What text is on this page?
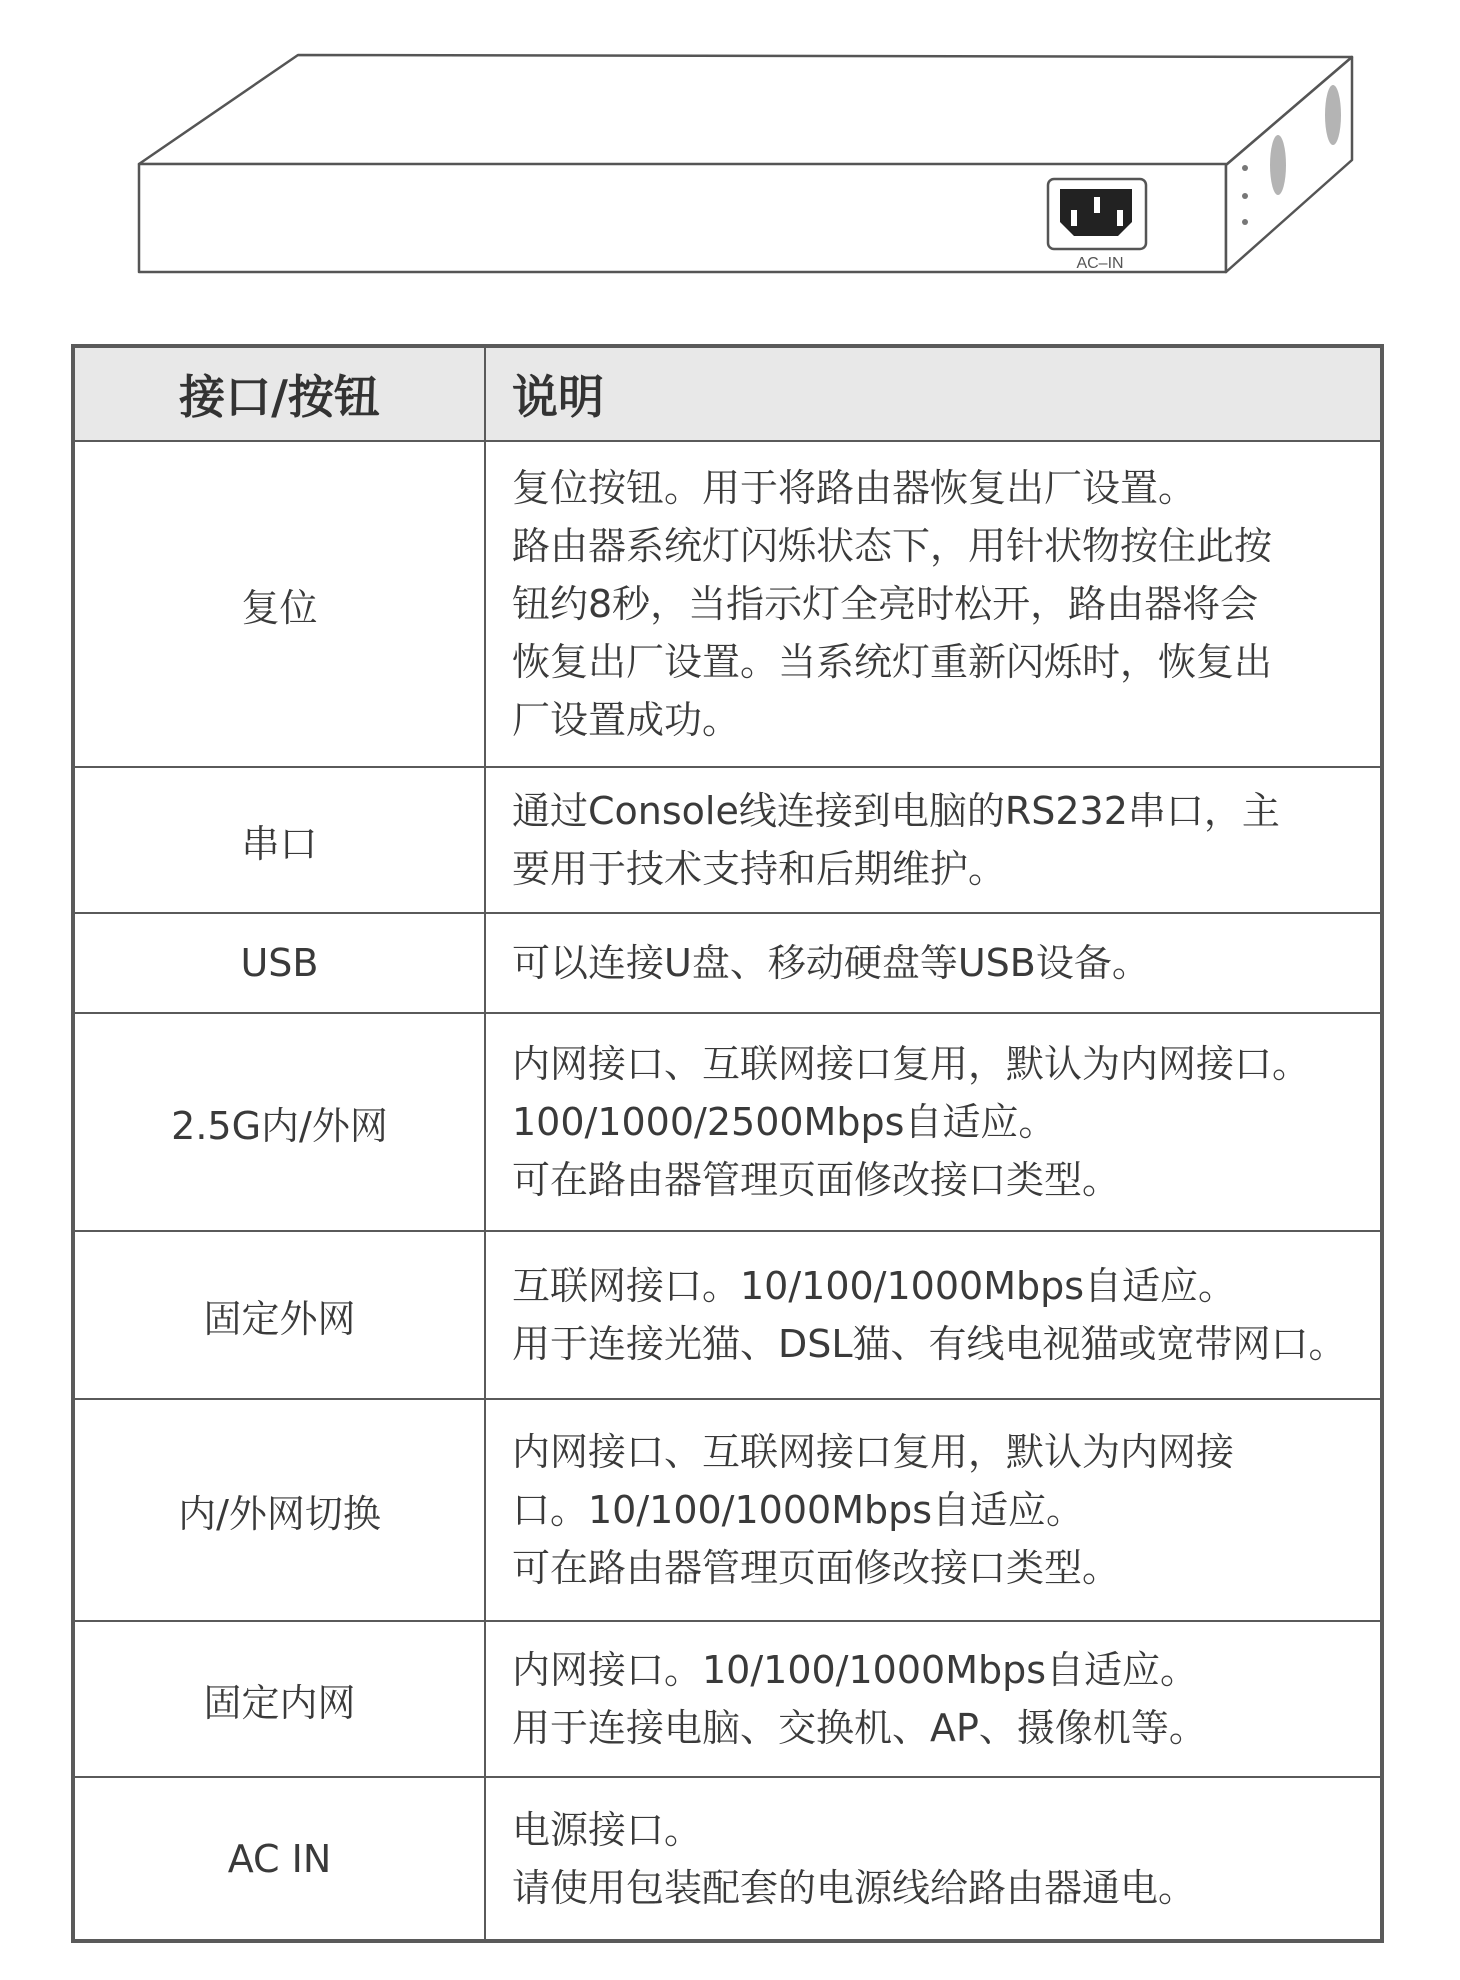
AC–IN
接口/按钮	说明
复位	复位按钮。用于将路由器恢复出厂设置。
路由器系统灯闪烁状态下，用针状物按住此按
钮约8秒，当指示灯全亮时松开，路由器将会
恢复出厂设置。当系统灯重新闪烁时，恢复出
厂设置成功。

串口	通过Console线连接到电脑的RS232串口，主
要用于技术支持和后期维护。

USB	可以连接U盘、移动硬盘等USB设备。

2.5G内/外网	内网接口、互联网接口复用，默认为内网接口。
100/1000/2500Mbps自适应。
可在路由器管理页面修改接口类型。

固定外网	互联网接口。10/100/1000Mbps自适应。
用于连接光猫、DSL猫、有线电视猫或宽带网口。

内/外网切换	内网接口、互联网接口复用，默认为内网接
口。10/100/1000Mbps自适应。
可在路由器管理页面修改接口类型。

固定内网	内网接口。10/100/1000Mbps自适应。
用于连接电脑、交换机、AP、摄像机等。

AC IN	电源接口。
请使用包装配套的电源线给路由器通电。
